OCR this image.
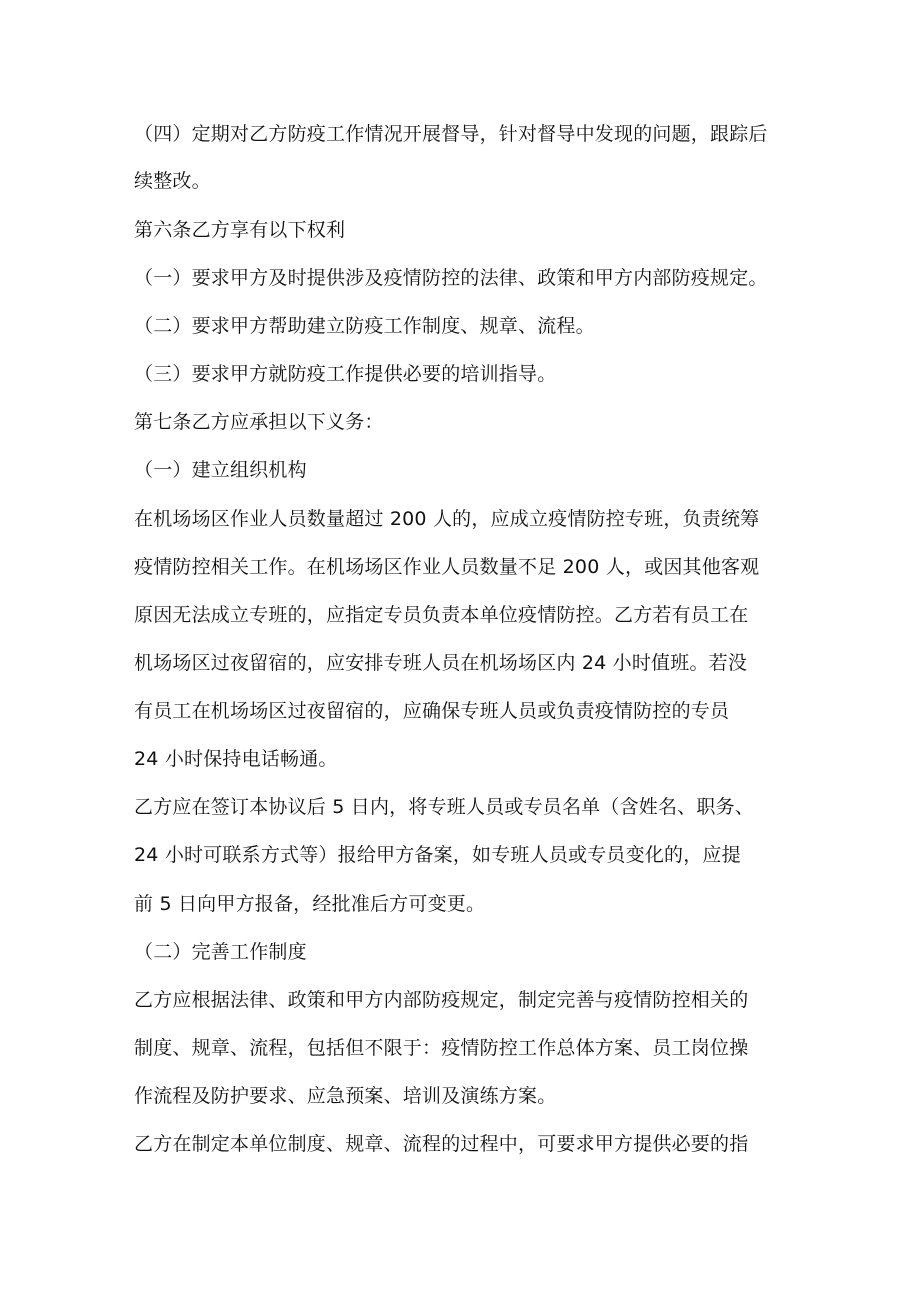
（四）定期对乙方防疫工作情况开展督导，针对督导中发现的问题，跟踪后
续整改。
第六条乙方享有以下权利
（一）要求甲方及时提供涉及疫情防控的法律、政策和甲方内部防疫规定。
（二）要求甲方帮助建立防疫工作制度、规章、流程。
（三）要求甲方就防疫工作提供必要的培训指导。
第七条乙方应承担以下义务：
（一）建立组织机构
在机场场区作业人员数量超过 200 人的，应成立疫情防控专班，负责统筹
疫情防控相关工作。在机场场区作业人员数量不足 200 人，或因其他客观
原因无法成立专班的，应指定专员负责本单位疫情防控。乙方若有员工在
机场场区过夜留宿的，应安排专班人员在机场场区内 24 小时值班。若没
有员工在机场场区过夜留宿的，应确保专班人员或负责疫情防控的专员
24 小时保持电话畅通。
乙方应在签订本协议后 5 日内，将专班人员或专员名单（含姓名、职务、
24 小时可联系方式等）报给甲方备案，如专班人员或专员变化的，应提
前 5 日向甲方报备，经批准后方可变更。
（二）完善工作制度
乙方应根据法律、政策和甲方内部防疫规定，制定完善与疫情防控相关的
制度、规章、流程，包括但不限于：疫情防控工作总体方案、员工岗位操
作流程及防护要求、应急预案、培训及演练方案。
乙方在制定本单位制度、规章、流程的过程中，可要求甲方提供必要的指
